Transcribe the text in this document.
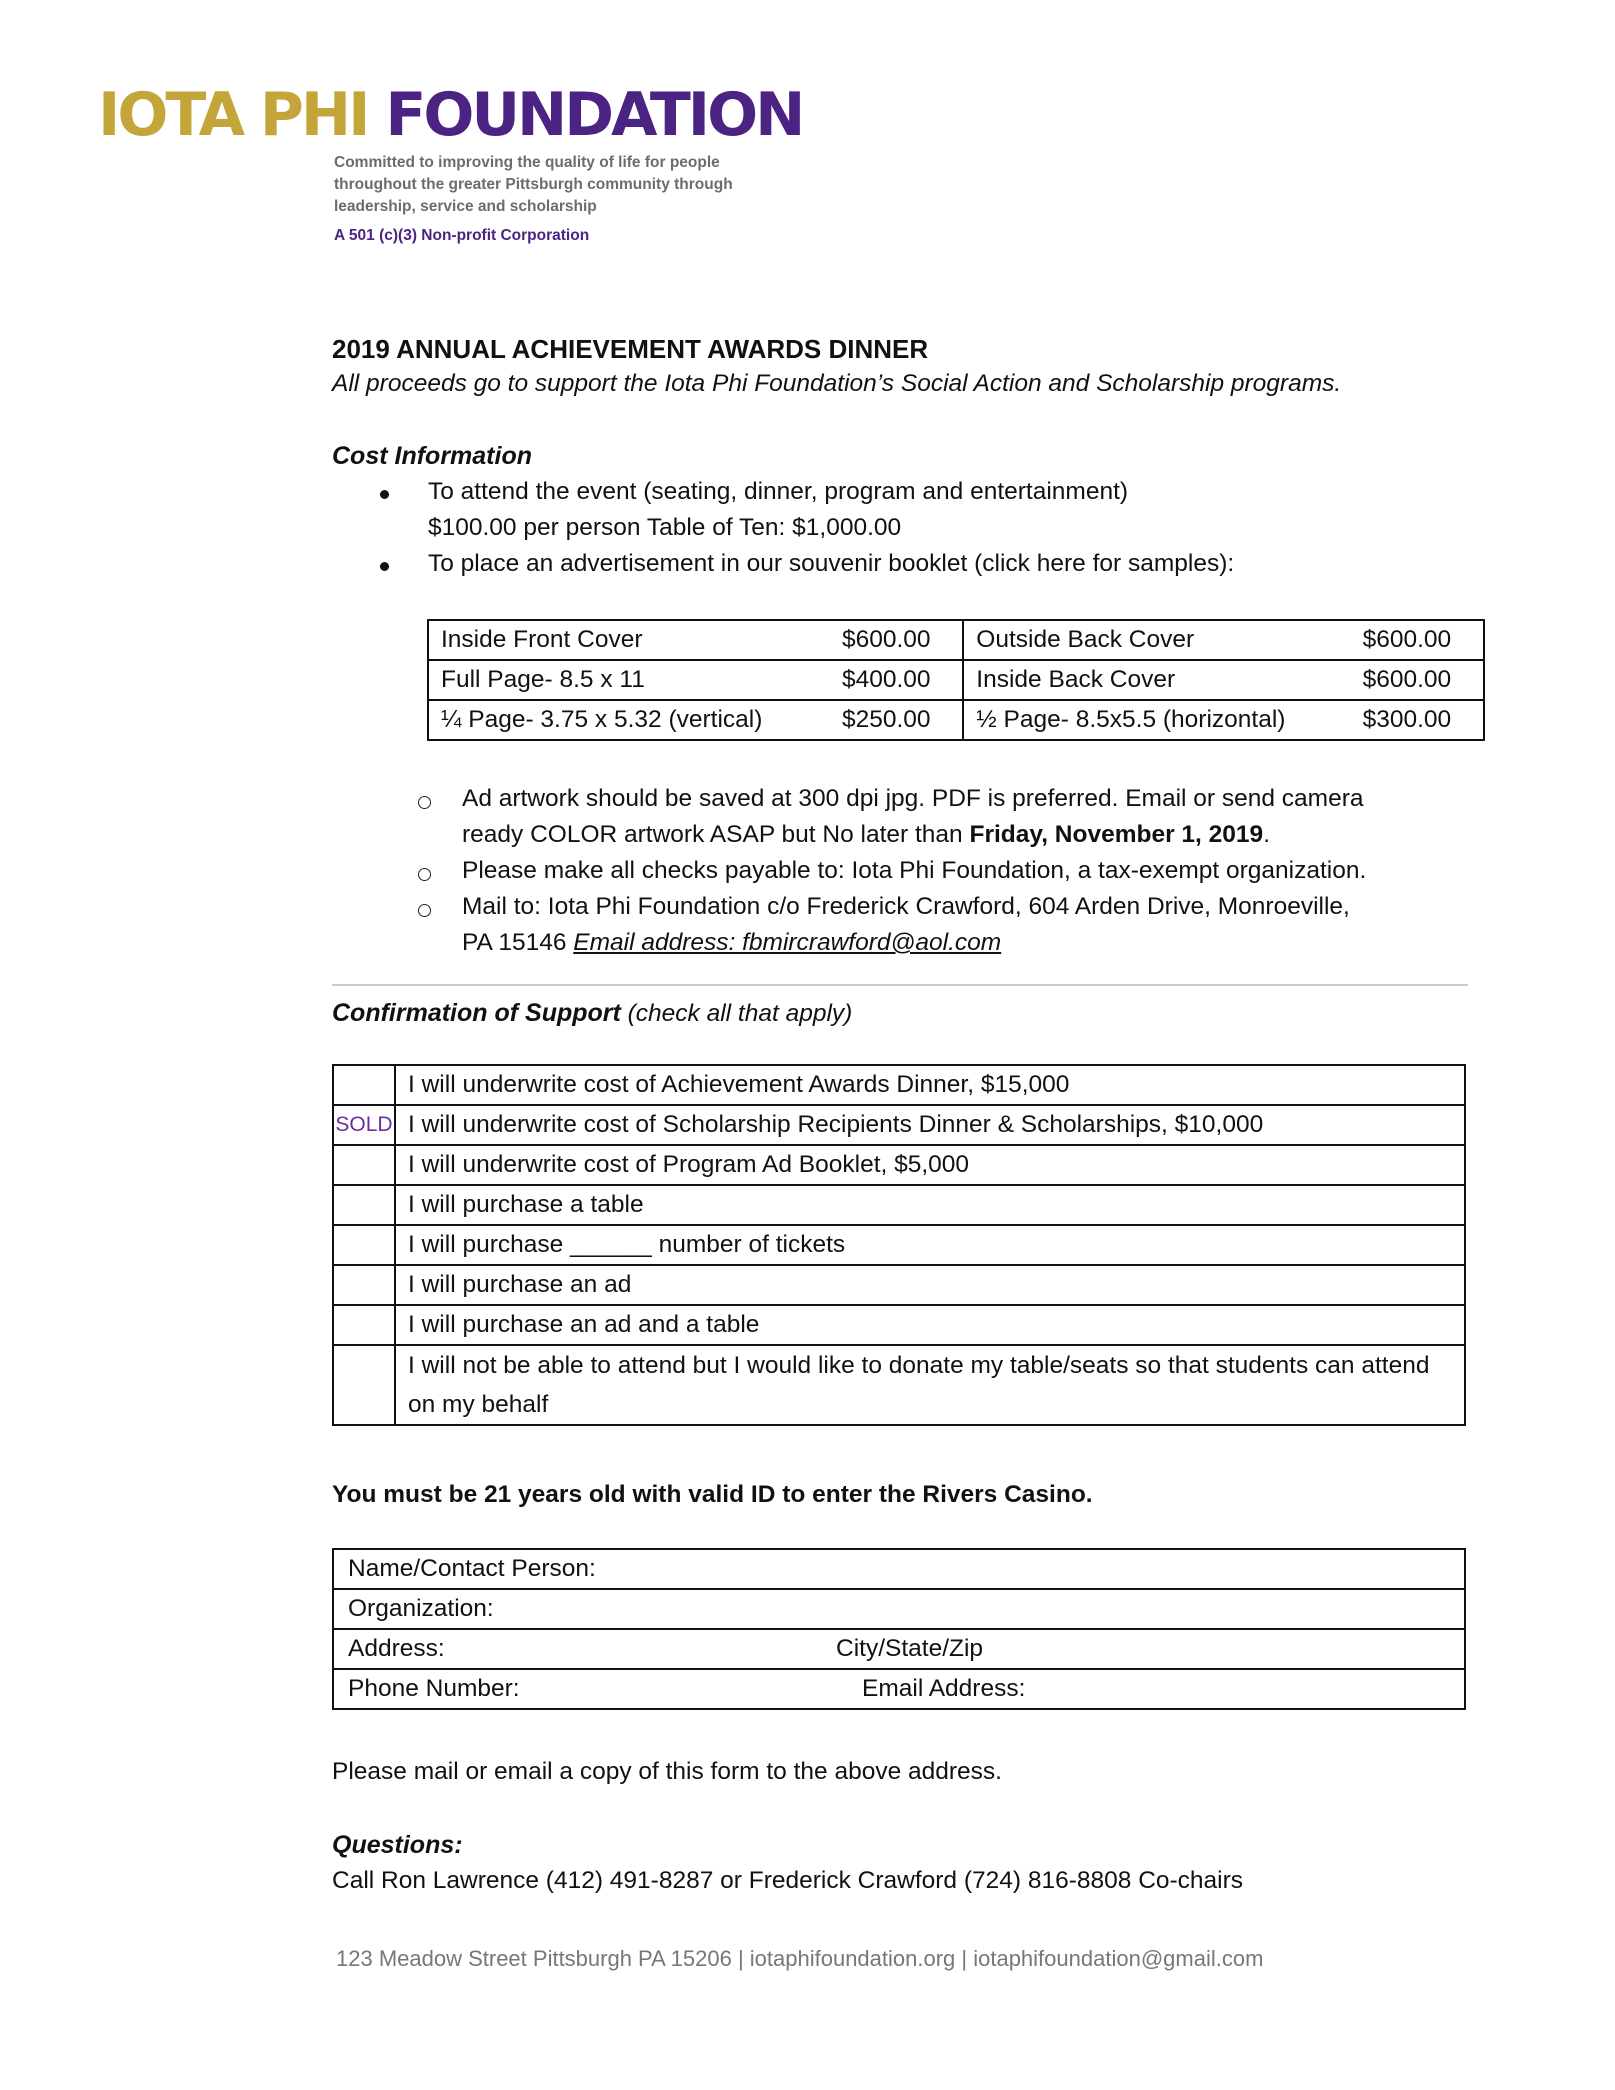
IOTA PHI FOUNDATION
Committed to improving the quality of life for people
throughout the greater Pittsburgh community through
leadership, service and scholarship
A 501 (c)(3) Non-profit Corporation
2019 ANNUAL ACHIEVEMENT AWARDS DINNER
All proceeds go to support the Iota Phi Foundation’s Social Action and Scholarship programs.
Cost Information
To attend the event (seating, dinner, program and entertainment)
$100.00 per person Table of Ten: $1,000.00
To place an advertisement in our souvenir booklet (click here for samples):
Inside Front Cover	$600.00	Outside Back Cover	$600.00
Full Page- 8.5 x 11	$400.00	Inside Back Cover	$600.00
¼ Page- 3.75 x 5.32 (vertical)	$250.00	½ Page- 8.5x5.5 (horizontal)	$300.00
Ad artwork should be saved at 300 dpi jpg. PDF is preferred. Email or send camera
ready COLOR artwork ASAP but No later than Friday, November 1, 2019.
Please make all checks payable to: Iota Phi Foundation, a tax-exempt organization.
Mail to: Iota Phi Foundation c/o Frederick Crawford, 604 Arden Drive, Monroeville,
PA 15146 Email address: fbmircrawford@aol.com
Confirmation of Support (check all that apply)
	I will underwrite cost of Achievement Awards Dinner, $15,000
SOLD	I will underwrite cost of Scholarship Recipients Dinner & Scholarships, $10,000
	I will underwrite cost of Program Ad Booklet, $5,000
	I will purchase a table
	I will purchase ______ number of tickets
	I will purchase an ad
	I will purchase an ad and a table
	I will not be able to attend but I would like to donate my table/seats so that students can attend on my behalf
You must be 21 years old with valid ID to enter the Rivers Casino.
Name/Contact Person:
Organization:
Address:	City/State/Zip
Phone Number:	Email Address:
Please mail or email a copy of this form to the above address.
Questions:
Call Ron Lawrence (412) 491-8287 or Frederick Crawford (724) 816-8808 Co-chairs
123 Meadow Street Pittsburgh PA 15206 | iotaphifoundation.org | iotaphifoundation@gmail.com
